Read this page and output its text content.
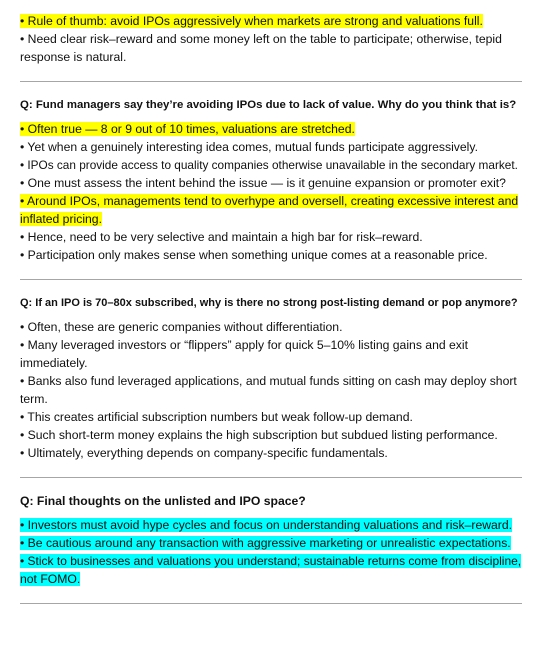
• Rule of thumb: avoid IPOs aggressively when markets are strong and valuations full.
• Need clear risk–reward and some money left on the table to participate; otherwise, tepid
response is natural.
Q: Fund managers say they’re avoiding IPOs due to lack of value. Why do you think that is?
• Often true — 8 or 9 out of 10 times, valuations are stretched.
• Yet when a genuinely interesting idea comes, mutual funds participate aggressively.
• IPOs can provide access to quality companies otherwise unavailable in the secondary market.
• One must assess the intent behind the issue — is it genuine expansion or promoter exit?
• Around IPOs, managements tend to overhype and oversell, creating excessive interest and
inflated pricing.
• Hence, need to be very selective and maintain a high bar for risk–reward.
• Participation only makes sense when something unique comes at a reasonable price.
Q: If an IPO is 70–80x subscribed, why is there no strong post-listing demand or pop anymore?
• Often, these are generic companies without differentiation.
• Many leveraged investors or “flippers” apply for quick 5–10% listing gains and exit
immediately.
• Banks also fund leveraged applications, and mutual funds sitting on cash may deploy short
term.
• This creates artificial subscription numbers but weak follow-up demand.
• Such short-term money explains the high subscription but subdued listing performance.
• Ultimately, everything depends on company-specific fundamentals.
Q: Final thoughts on the unlisted and IPO space?
• Investors must avoid hype cycles and focus on understanding valuations and risk–reward.
• Be cautious around any transaction with aggressive marketing or unrealistic expectations.
• Stick to businesses and valuations you understand; sustainable returns come from discipline,
not FOMO.
